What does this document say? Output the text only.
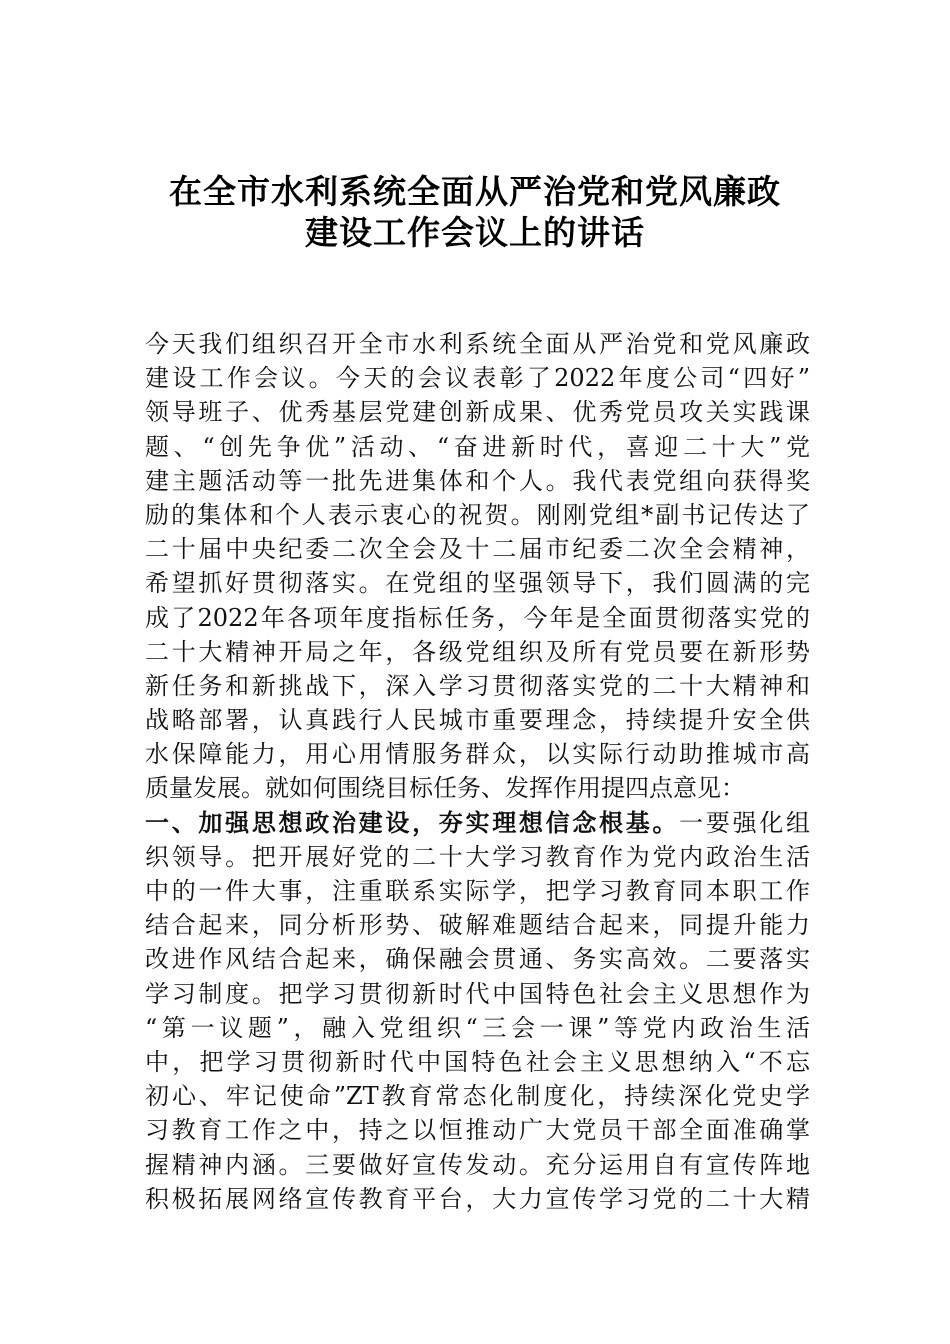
在全市水利系统全面从严治党和党风廉政
建设工作会议上的讲话
今天我们组织召开全市水利系统全面从严治党和党风廉政
建设工作会议。今天的会议表彰了2022年度公司“四好”
领导班子、优秀基层党建创新成果、优秀党员攻关实践课
题、“创先争优”活动、“奋进新时代，喜迎二十大”党
建主题活动等一批先进集体和个人。我代表党组向获得奖
励的集体和个人表示衷心的祝贺。刚刚党组*副书记传达了
二十届中央纪委二次全会及十二届市纪委二次全会精神，
希望抓好贯彻落实。在党组的坚强领导下，我们圆满的完
成了2022年各项年度指标任务，今年是全面贯彻落实党的
二十大精神开局之年，各级党组织及所有党员要在新形势
新任务和新挑战下，深入学习贯彻落实党的二十大精神和
战略部署，认真践行人民城市重要理念，持续提升安全供
水保障能力，用心用情服务群众，以实际行动助推城市高
质量发展。就如何围绕目标任务、发挥作用提四点意见：
一、加强思想政治建设，夯实理想信念根基。一要强化组
织领导。把开展好党的二十大学习教育作为党内政治生活
中的一件大事，注重联系实际学，把学习教育同本职工作
结合起来，同分析形势、破解难题结合起来，同提升能力
改进作风结合起来，确保融会贯通、务实高效。二要落实
学习制度。把学习贯彻新时代中国特色社会主义思想作为
“第一议题”，融入党组织“三会一课”等党内政治生活
中，把学习贯彻新时代中国特色社会主义思想纳入“不忘
初心、牢记使命”ZT教育常态化制度化，持续深化党史学
习教育工作之中，持之以恒推动广大党员干部全面准确掌
握精神内涵。三要做好宣传发动。充分运用自有宣传阵地
积极拓展网络宣传教育平台，大力宣传学习党的二十大精
